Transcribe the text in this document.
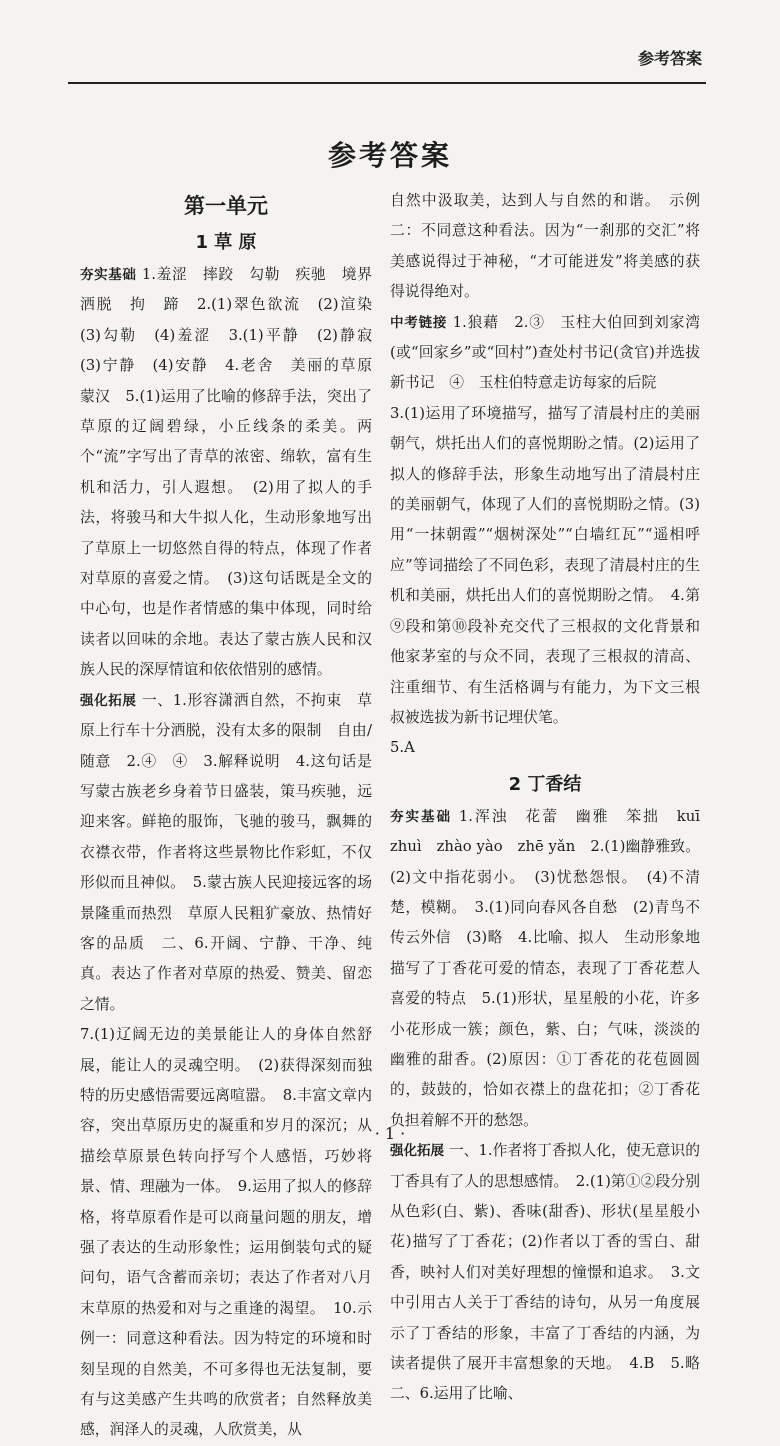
参考答案
参考答案
第一单元
1 草 原

夯实基础 1.羞涩　摔跤　勾勒　疾驰　境界　洒脱　拘　蹄　2.(1)翠色欲流　(2)渲染　(3)勾勒　(4)羞涩　3.(1)平静　(2)静寂　(3)宁静　(4)安静　4.老舍　美丽的草原　蒙汉　5.(1)运用了比喻的修辞手法，突出了草原的辽阔碧绿，小丘线条的柔美。两个“流”字写出了青草的浓密、绵软，富有生机和活力，引人遐想。　(2)用了拟人的手法，将骏马和大牛拟人化，生动形象地写出了草原上一切悠然自得的特点，体现了作者对草原的喜爱之情。　(3)这句话既是全文的中心句，也是作者情感的集中体现，同时给读者以回味的余地。表达了蒙古族人民和汉族人民的深厚情谊和依依惜别的感情。

强化拓展 一、1.形容潇洒自然，不拘束　草原上行车十分洒脱，没有太多的限制　自由/随意　2.④　④　3.解释说明　4.这句话是写蒙古族老乡身着节日盛装，策马疾驰，远迎来客。鲜艳的服饰，飞驰的骏马，飘舞的衣襟衣带，作者将这些景物比作彩虹，不仅形似而且神似。　5.蒙古族人民迎接远客的场景隆重而热烈　草原人民粗犷豪放、热情好客的品质　二、6.开阔、宁静、干净、纯真。表达了作者对草原的热爱、赞美、留恋之情。

7.(1)辽阔无边的美景能让人的身体自然舒展，能让人的灵魂空明。　(2)获得深刻而独特的历史感悟需要远离喧嚣。　8.丰富文章内容，突出草原历史的凝重和岁月的深沉；从描绘草原景色转向抒写个人感悟，巧妙将景、情、理融为一体。　9.运用了拟人的修辞格，将草原看作是可以商量问题的朋友，增强了表达的生动形象性；运用倒装句式的疑问句，语气含蓄而亲切；表达了作者对八月末草原的热爱和对与之重逢的渴望。　10.示例一：同意这种看法。因为特定的环境和时刻呈现的自然美，不可多得也无法复制，要有与这美感产生共鸣的欣赏者；自然释放美感，润泽人的灵魂，人欣赏美，从

自然中汲取美，达到人与自然的和谐。　示例二：不同意这种看法。因为“一刹那的交汇”将美感说得过于神秘，“才可能迸发”将美感的获得说得绝对。

中考链接 1.狼藉　2.③　玉柱大伯回到刘家湾(或“回家乡”或“回村”)查处村书记(贪官)并选拔新书记　④　玉柱伯特意走访每家的后院

3.(1)运用了环境描写，描写了清晨村庄的美丽朝气，烘托出人们的喜悦期盼之情。(2)运用了拟人的修辞手法，形象生动地写出了清晨村庄的美丽朝气，体现了人们的喜悦期盼之情。(3)用“一抹朝霞”“烟树深处”“白墙红瓦”“遥相呼应”等词描绘了不同色彩，表现了清晨村庄的生机和美丽，烘托出人们的喜悦期盼之情。　4.第⑨段和第⑩段补充交代了三根叔的文化背景和他家茅室的与众不同，表现了三根叔的清高、注重细节、有生活格调与有能力，为下文三根叔被选拔为新书记埋伏笔。

5.A

2 丁香结

夯实基础 1.浑浊　花蕾　幽雅　笨拙　kuī　zhuì　zhào yào　zhē yǎn　2.(1)幽静雅致。(2)文中指花弱小。　(3)忧愁怨恨。　(4)不清楚，模糊。　3.(1)同向春风各自愁　(2)青鸟不传云外信　(3)略　4.比喻、拟人　生动形象地描写了丁香花可爱的情态，表现了丁香花惹人喜爱的特点　5.(1)形状，星星般的小花，许多小花形成一簇；颜色，紫、白；气味，淡淡的幽雅的甜香。(2)原因：①丁香花的花苞圆圆的，鼓鼓的，恰如衣襟上的盘花扣；②丁香花负担着解不开的愁怨。

强化拓展 一、1.作者将丁香拟人化，使无意识的丁香具有了人的思想感情。　2.(1)第①②段分别从色彩(白、紫)、香味(甜香)、形状(星星般小花)描写了丁香花；(2)作者以丁香的雪白、甜香，映衬人们对美好理想的憧憬和追求。　3.文中引用古人关于丁香结的诗句，从另一角度展示了丁香结的形象，丰富了丁香结的内涵，为读者提供了展开丰富想象的天地。　4.B　5.略　二、6.运用了比喻、

· 1 ·
